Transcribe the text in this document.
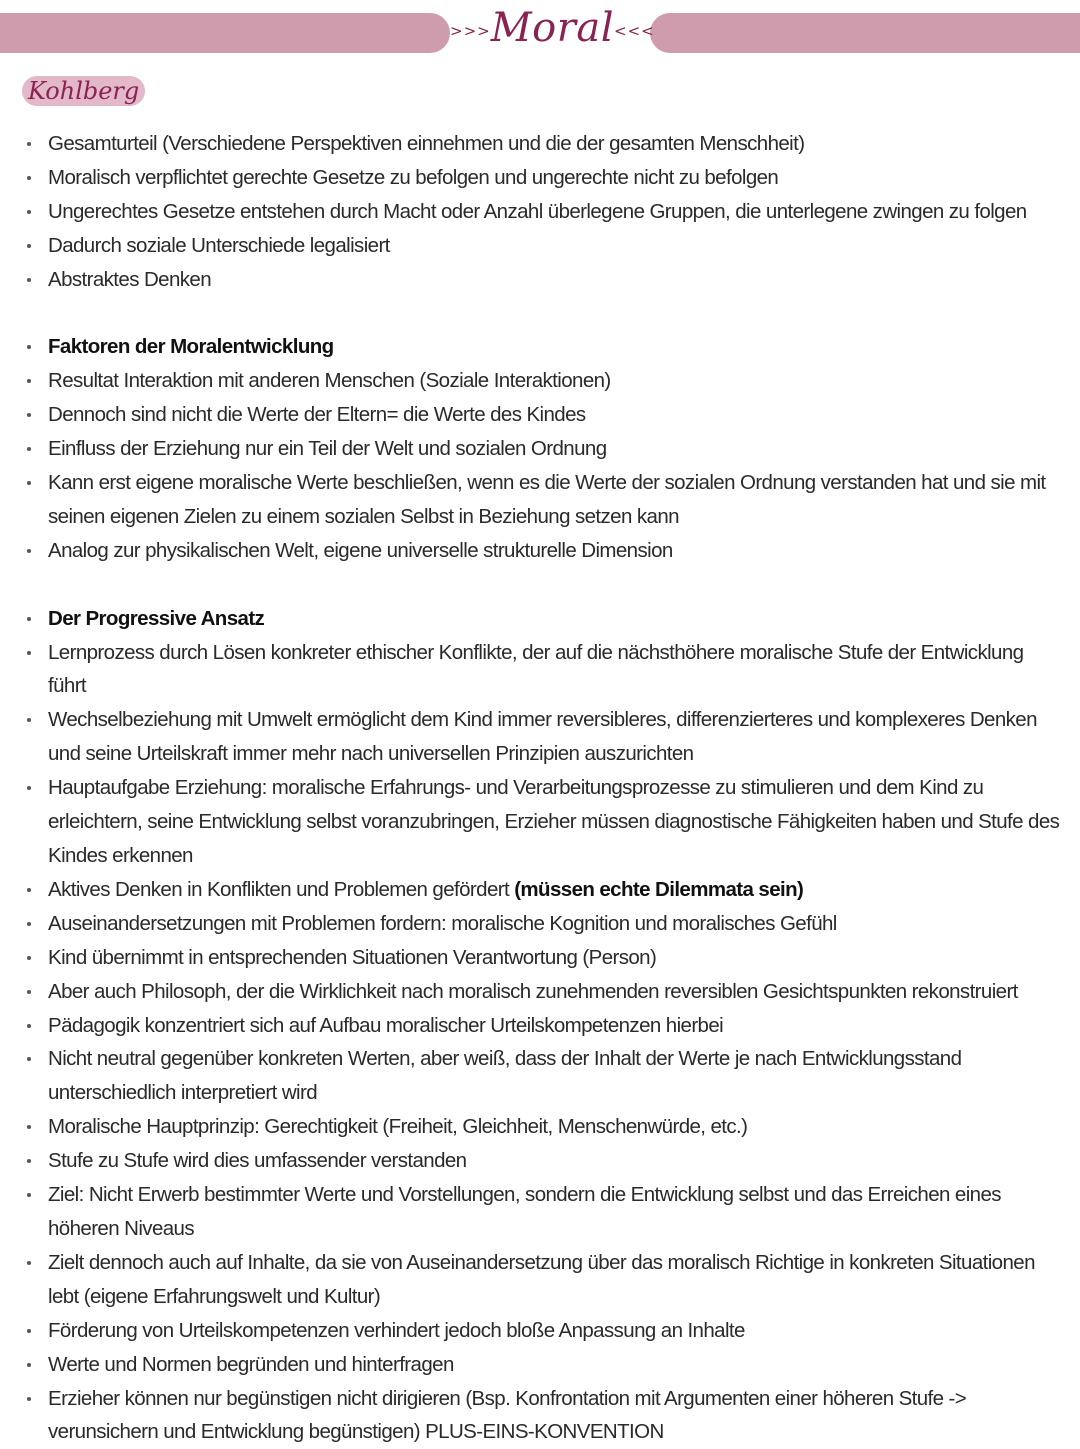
>>>Moral<<<
Kohlberg
Gesamturteil (Verschiedene Perspektiven einnehmen und die der gesamten Menschheit)
Moralisch verpflichtet gerechte Gesetze zu befolgen und ungerechte nicht zu befolgen
Ungerechtes Gesetze entstehen durch Macht oder Anzahl überlegene Gruppen, die unterlegene zwingen zu folgen
Dadurch soziale Unterschiede legalisiert
Abstraktes Denken
Faktoren der Moralentwicklung
Resultat Interaktion mit anderen Menschen (Soziale Interaktionen)
Dennoch sind nicht die Werte der Eltern= die Werte des Kindes
Einfluss der Erziehung nur ein Teil der Welt und sozialen Ordnung
Kann erst eigene moralische Werte beschließen, wenn es die Werte der sozialen Ordnung verstanden hat und sie mit seinen eigenen Zielen zu einem sozialen Selbst in Beziehung setzen kann
Analog zur physikalischen Welt, eigene universelle strukturelle Dimension
Der Progressive Ansatz
Lernprozess durch Lösen konkreter ethischer Konflikte, der auf die nächsthöhere moralische Stufe der Entwicklung führt
Wechselbeziehung mit Umwelt ermöglicht dem Kind immer reversibleres, differenzierteres und komplexeres Denken und seine Urteilskraft immer mehr nach universellen Prinzipien auszurichten
Hauptaufgabe Erziehung: moralische Erfahrungs- und Verarbeitungsprozesse zu stimulieren und dem Kind zu erleichtern, seine Entwicklung selbst voranzubringen, Erzieher müssen diagnostische Fähigkeiten haben und Stufe des Kindes erkennen
Aktives Denken in Konflikten und Problemen gefördert (müssen echte Dilemmata sein)
Auseinandersetzungen mit Problemen fordern: moralische Kognition und moralisches Gefühl
Kind übernimmt in entsprechenden Situationen Verantwortung (Person)
Aber auch Philosoph, der die Wirklichkeit nach moralisch zunehmenden reversiblen Gesichtspunkten rekonstruiert
Pädagogik konzentriert sich auf Aufbau moralischer Urteilskompetenzen hierbei
Nicht neutral gegenüber konkreten Werten, aber weiß, dass der Inhalt der Werte je nach Entwicklungsstand unterschiedlich interpretiert wird
Moralische Hauptprinzip: Gerechtigkeit (Freiheit, Gleichheit, Menschenwürde, etc.)
Stufe zu Stufe wird dies umfassender verstanden
Ziel: Nicht Erwerb bestimmter Werte und Vorstellungen, sondern die Entwicklung selbst und das Erreichen eines höheren Niveaus
Zielt dennoch auch auf Inhalte, da sie von Auseinandersetzung über das moralisch Richtige in konkreten Situationen lebt (eigene Erfahrungswelt und Kultur)
Förderung von Urteilskompetenzen verhindert jedoch bloße Anpassung an Inhalte
Werte und Normen begründen und hinterfragen
Erzieher können nur begünstigen nicht dirigieren (Bsp. Konfrontation mit Argumenten einer höheren Stufe -> verunsichern und Entwicklung begünstigen) PLUS-EINS-KONVENTION
